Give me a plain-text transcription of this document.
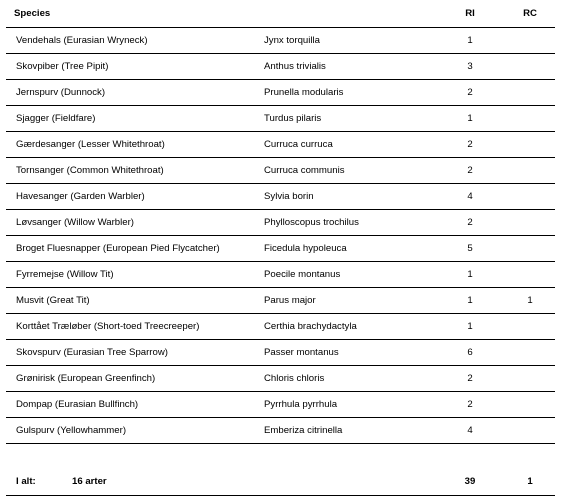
Species		RI	RC
Vendehals (Eurasian Wryneck)	Jynx torquilla	1	
Skovpiber (Tree Pipit)	Anthus trivialis	3	
Jernspurv (Dunnock)	Prunella modularis	2	
Sjagger (Fieldfare)	Turdus pilaris	1	
Gærdesanger (Lesser Whitethroat)	Curruca curruca	2	
Tornsanger (Common Whitethroat)	Curruca communis	2	
Havesanger (Garden Warbler)	Sylvia borin	4	
Løvsanger (Willow Warbler)	Phylloscopus trochilus	2	
Broget Fluesnapper (European Pied Flycatcher)	Ficedula hypoleuca	5	
Fyrremejse (Willow Tit)	Poecile montanus	1	
Musvit (Great Tit)	Parus major	1	1
Korttået Træløber (Short-toed Treecreeper)	Certhia brachydactyla	1	
Skovspurv (Eurasian Tree Sparrow)	Passer montanus	6	
Grønirisk (European Greenfinch)	Chloris chloris	2	
Dompap (Eurasian Bullfinch)	Pyrrhula pyrrhula	2	
Gulspurv (Yellowhammer)	Emberiza citrinella	4	

I alt: 16 arter		39	1
